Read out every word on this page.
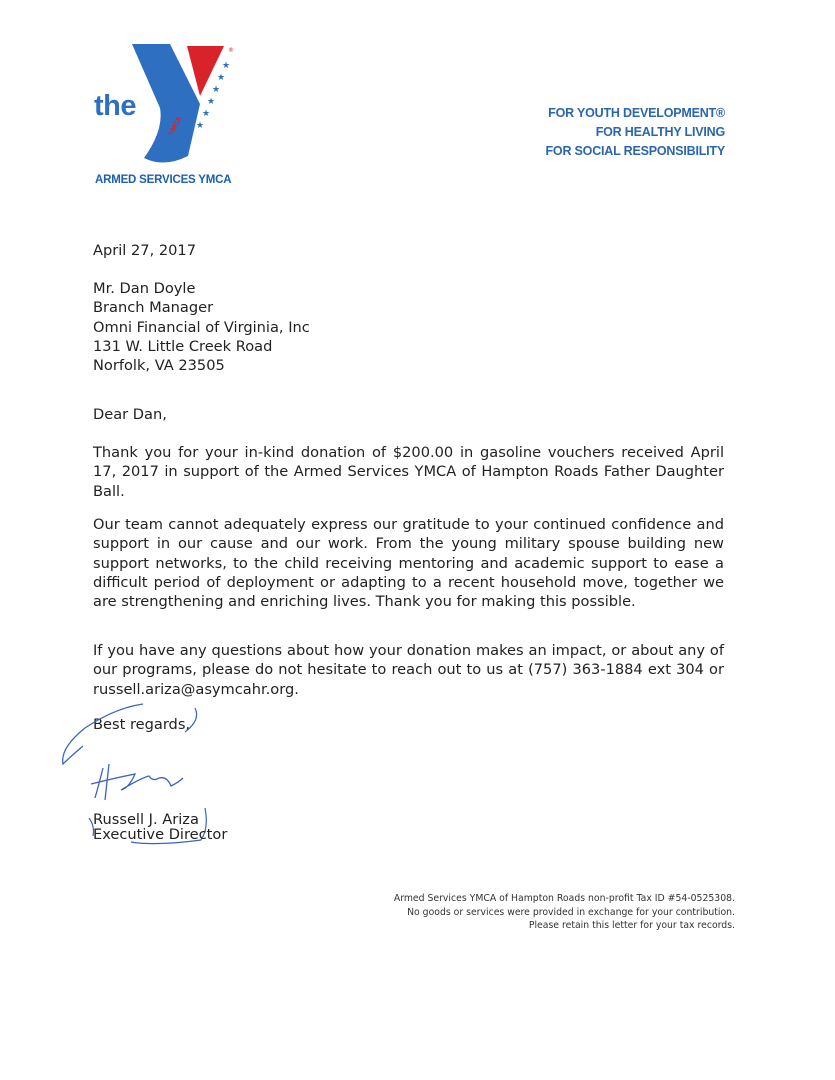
★
★
★
★
★
★
®
YMCA
the
ARMED SERVICES YMCA
FOR YOUTH DEVELOPMENT®
FOR HEALTHY LIVING
FOR SOCIAL RESPONSIBILITY
April 27, 2017
Mr. Dan Doyle
Branch Manager
Omni Financial of Virginia, Inc
131 W. Little Creek Road
Norfolk, VA 23505
Dear Dan,
Thank you for your in-kind donation of $200.00 in gasoline vouchers received April 17, 2017 in support of the Armed Services YMCA of Hampton Roads Father Daughter Ball.
Our team cannot adequately express our gratitude to your continued confidence and support in our cause and our work. From the young military spouse building new support networks, to the child receiving mentoring and academic support to ease a difficult period of deployment or adapting to a recent household move, together we are strengthening and enriching lives. Thank you for making this possible.
If you have any questions about how your donation makes an impact, or about any of our programs, please do not hesitate to reach out to us at (757) 363-1884 ext 304 or russell.ariza@asymcahr.org.
Best regards,
Russell J. Ariza
Executive Director
Armed Services YMCA of Hampton Roads non-profit Tax ID #54-0525308.
No goods or services were provided in exchange for your contribution.
Please retain this letter for your tax records.
